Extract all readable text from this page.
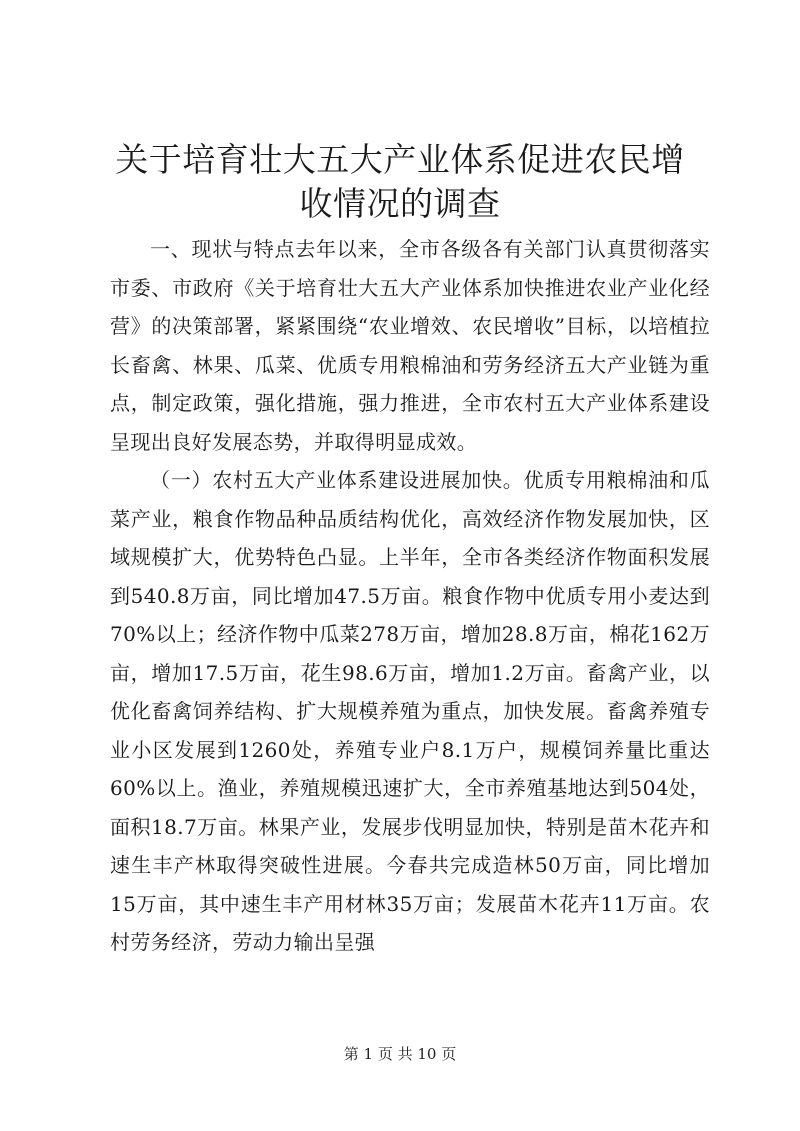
关于培育壮大五大产业体系促进农民增收情况的调查

一、现状与特点去年以来，全市各级各有关部门认真贯彻落实市委、市政府《关于培育壮大五大产业体系加快推进农业产业化经营》的决策部署，紧紧围绕“农业增效、农民增收”目标，以培植拉长畜禽、林果、瓜菜、优质专用粮棉油和劳务经济五大产业链为重点，制定政策，强化措施，强力推进，全市农村五大产业体系建设呈现出良好发展态势，并取得明显成效。

（一）农村五大产业体系建设进展加快。优质专用粮棉油和瓜菜产业，粮食作物品种品质结构优化，高效经济作物发展加快，区域规模扩大，优势特色凸显。上半年，全市各类经济作物面积发展到540.8万亩，同比增加47.5万亩。粮食作物中优质专用小麦达到70%以上；经济作物中瓜菜278万亩，增加28.8万亩，棉花162万亩，增加17.5万亩，花生98.6万亩，增加1.2万亩。畜禽产业，以优化畜禽饲养结构、扩大规模养殖为重点，加快发展。畜禽养殖专业小区发展到1260处，养殖专业户8.1万户，规模饲养量比重达60%以上。渔业，养殖规模迅速扩大，全市养殖基地达到504处，面积18.7万亩。林果产业，发展步伐明显加快，特别是苗木花卉和速生丰产林取得突破性进展。今春共完成造林50万亩，同比增加15万亩，其中速生丰产用材林35万亩；发展苗木花卉11万亩。农村劳务经济，劳动力输出呈强

第 1 页 共 10 页
